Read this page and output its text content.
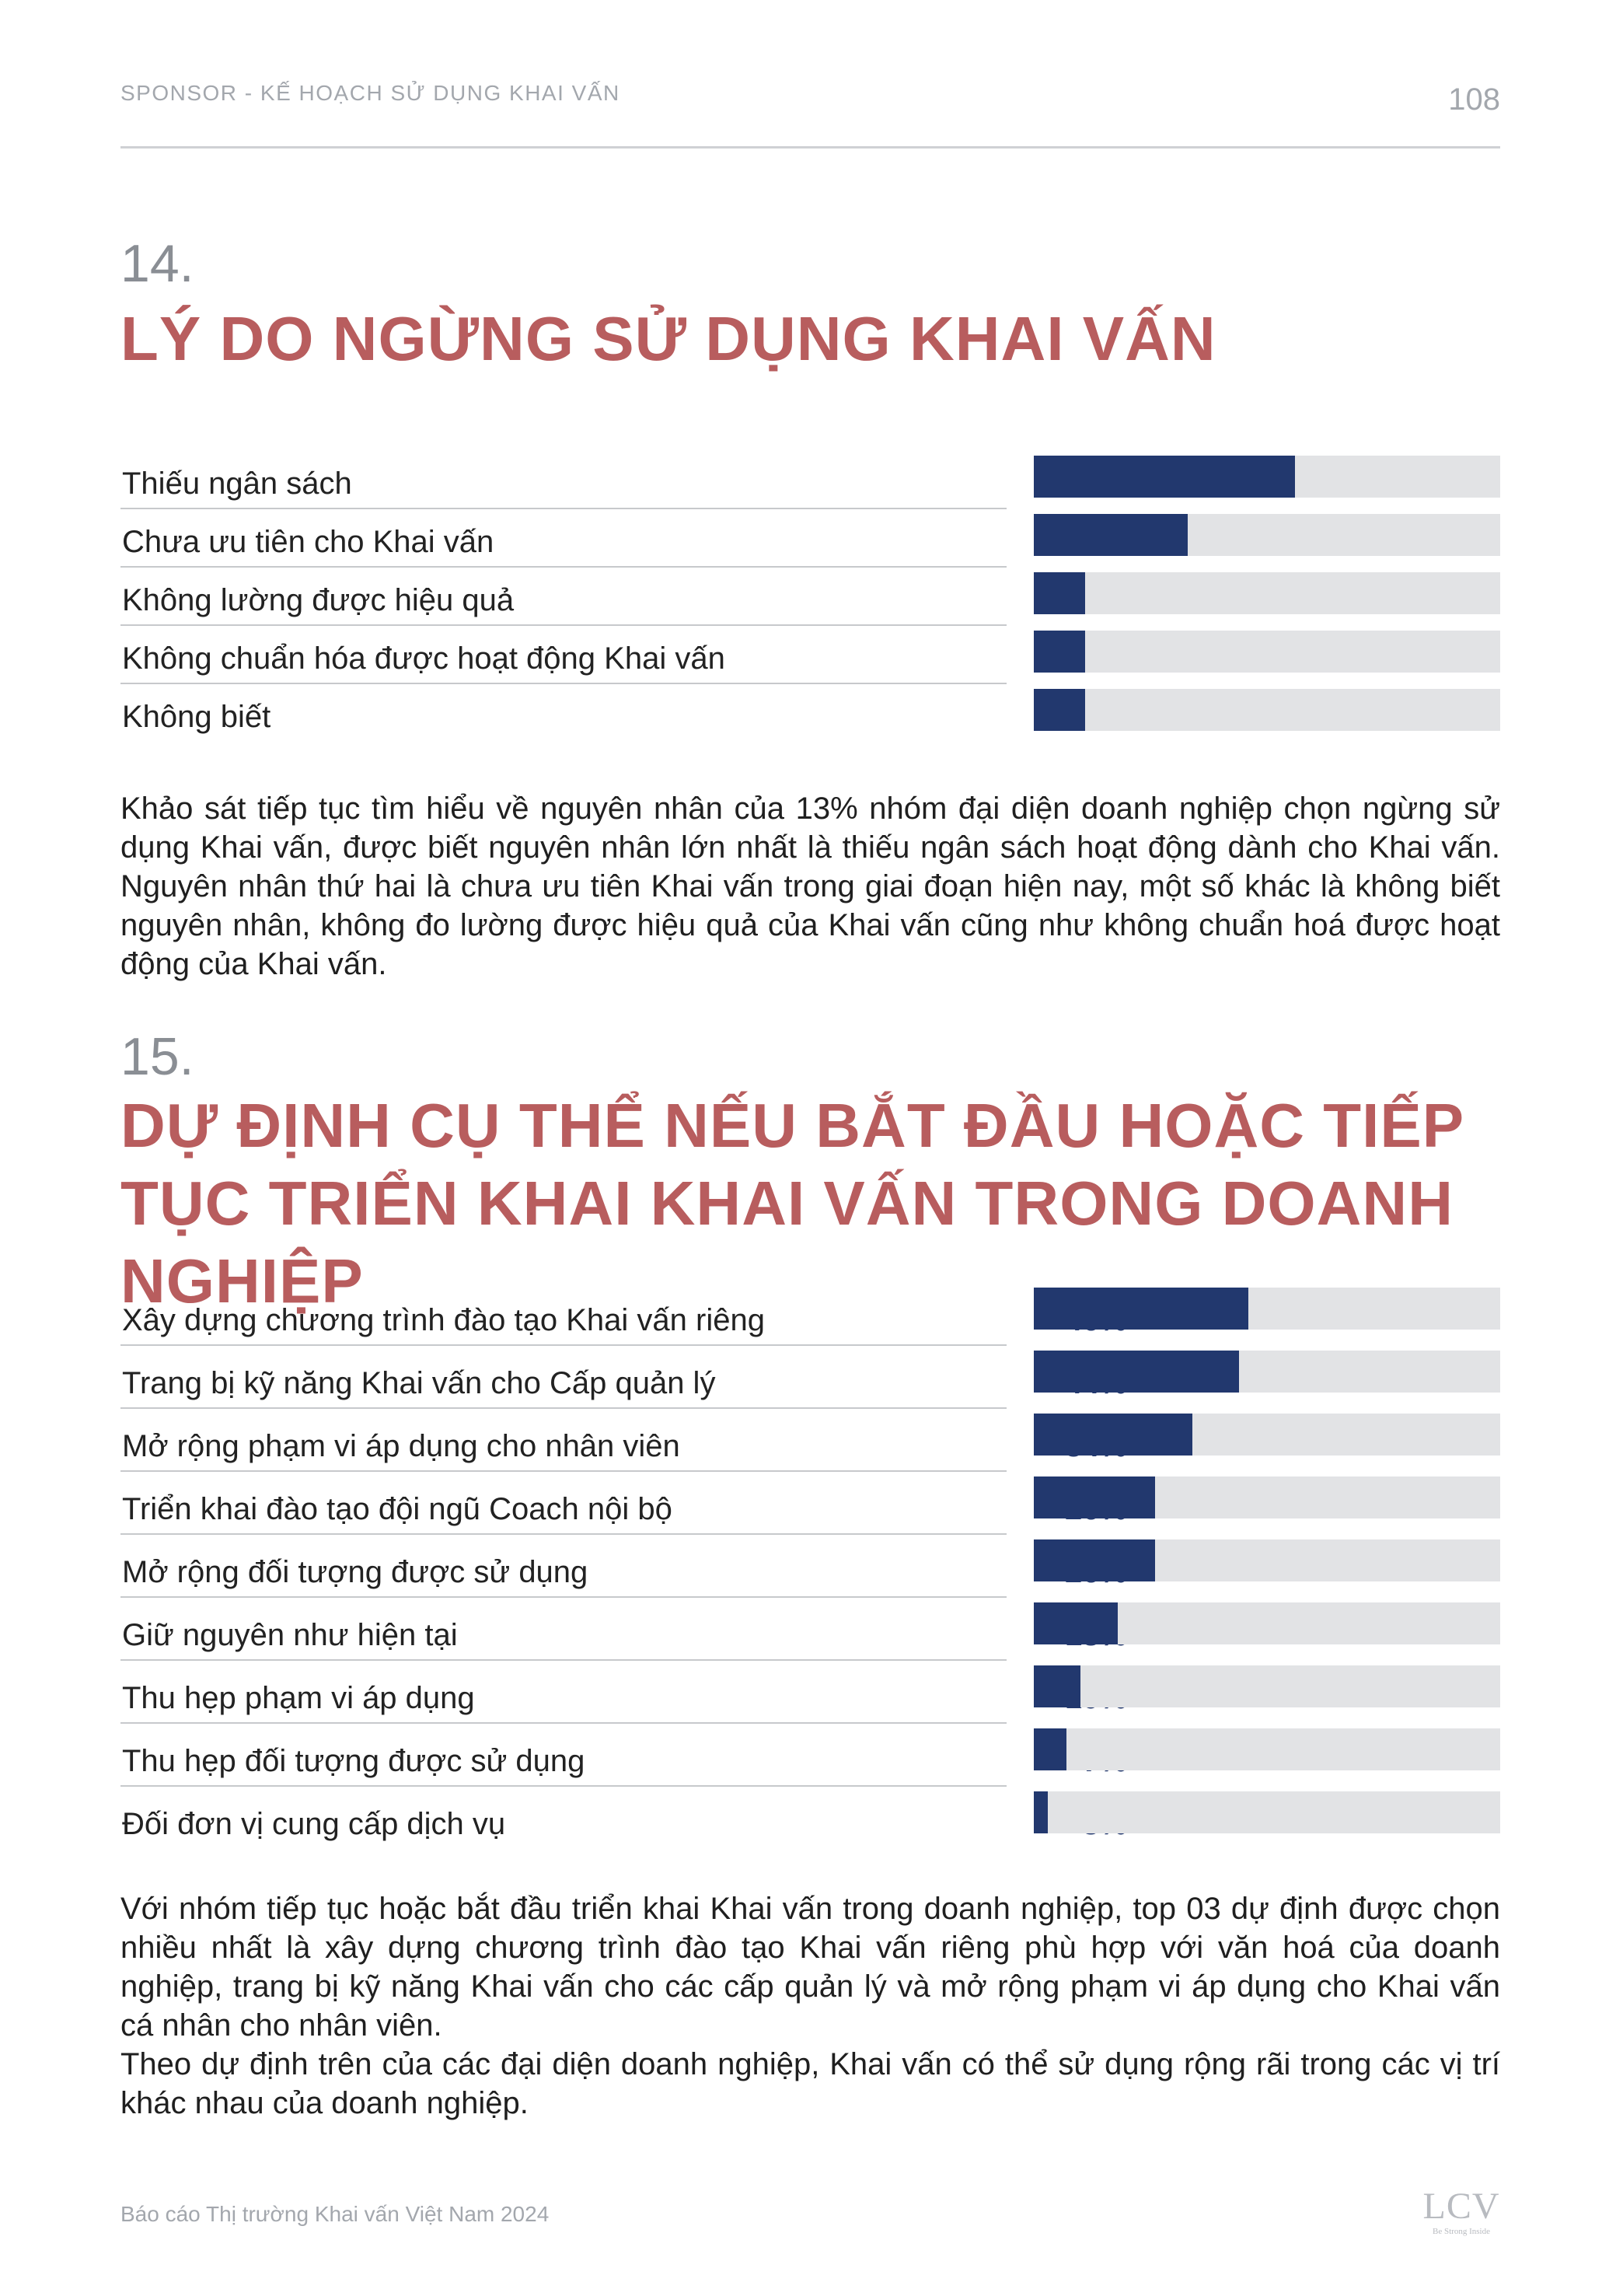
SPONSOR - KẾ HOẠCH SỬ DỤNG KHAI VẤN	108
14.
LÝ DO NGỪNG SỬ DỤNG KHAI VẤN
Thiếu ngân sách
Chưa ưu tiên cho Khai vấn
Không lường được hiệu quả
Không chuẩn hóa được hoạt động Khai vấn
Không biết

Khảo sát tiếp tục tìm hiểu về nguyên nhân của 13% nhóm đại diện doanh nghiệp chọn ngừng sử dụng Khai vấn, được biết nguyên nhân lớn nhất là thiếu ngân sách hoạt động dành cho Khai vấn. Nguyên nhân thứ hai là chưa ưu tiên Khai vấn trong giai đoạn hiện nay, một số khác là không biết nguyên nhân, không đo lường được hiệu quả của Khai vấn cũng như không chuẩn hoá được hoạt động của Khai vấn.

15.
DỰ ĐỊNH CỤ THỂ NẾU BẮT ĐẦU HOẶC TIẾP TỤC TRIỂN KHAI KHAI VẤN TRONG DOANH NGHIỆP
Xây dựng chương trình đào tạo Khai vấn riêng
Trang bị kỹ năng Khai vấn cho Cấp quản lý
Mở rộng phạm vi áp dụng cho nhân viên
Triển khai đào tạo đội ngũ Coach nội bộ
Mở rộng đối tượng được sử dụng
Giữ nguyên như hiện tại
Thu hẹp phạm vi áp dụng
Thu hẹp đối tượng được sử dụng
Đối đơn vị cung cấp dịch vụ

Với nhóm tiếp tục hoặc bắt đầu triển khai Khai vấn trong doanh nghiệp, top 03 dự định được chọn nhiều nhất là xây dựng chương trình đào tạo Khai vấn riêng phù hợp với văn hoá của doanh nghiệp, trang bị kỹ năng Khai vấn cho các cấp quản lý và mở rộng phạm vi áp dụng cho Khai vấn cá nhân cho nhân viên.

Theo dự định trên của các đại diện doanh nghiệp, Khai vấn có thể sử dụng rộng rãi trong các vị trí khác nhau của doanh nghiệp.

Báo cáo Thị trường Khai vấn Việt Nam 2024	LCV
Be Strong Inside
